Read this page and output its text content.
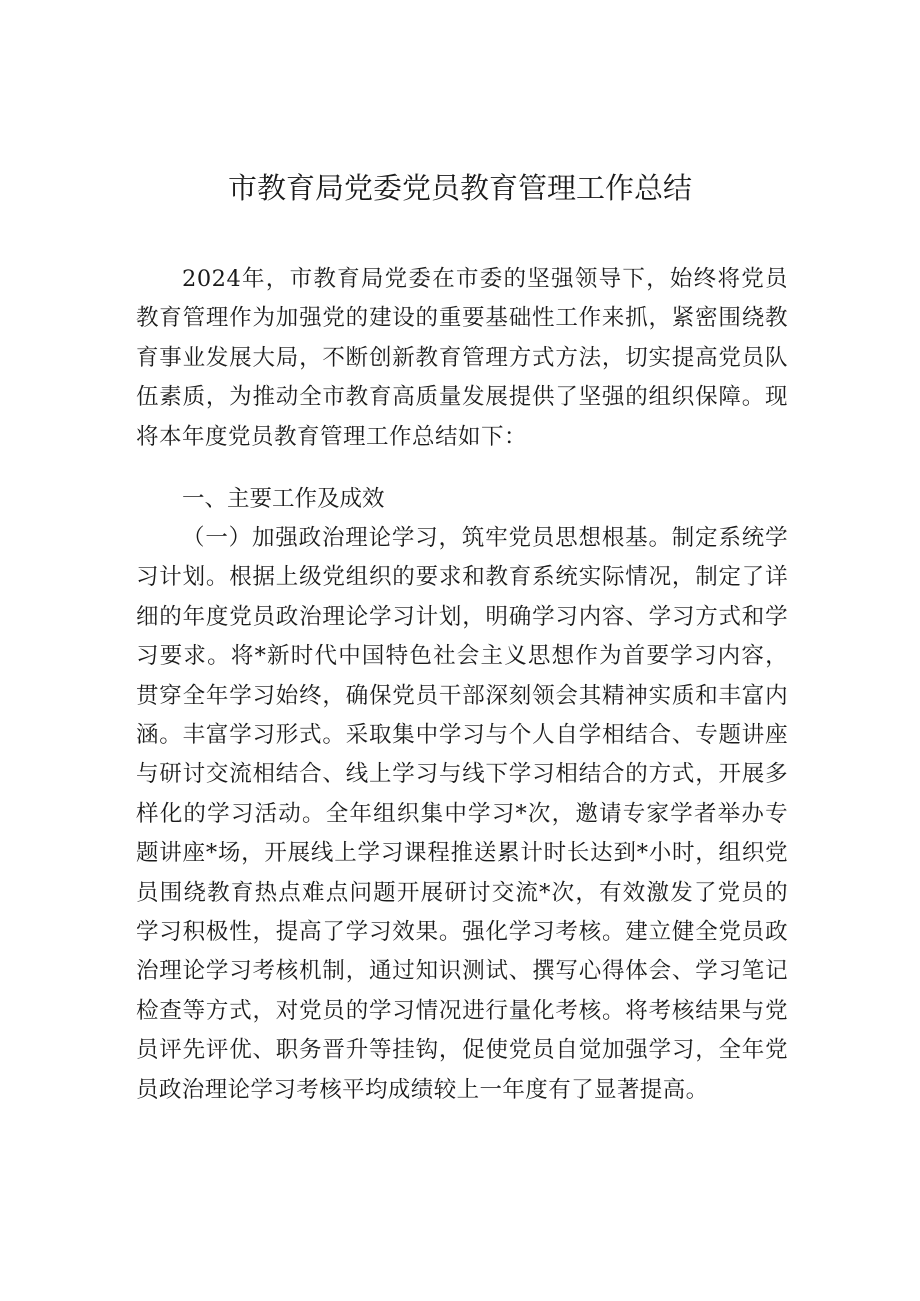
市教育局党委党员教育管理工作总结

2024年，市教育局党委在市委的坚强领导下，始终将党员教育管理作为加强党的建设的重要基础性工作来抓，紧密围绕教育事业发展大局，不断创新教育管理方式方法，切实提高党员队伍素质，为推动全市教育高质量发展提供了坚强的组织保障。现将本年度党员教育管理工作总结如下：

一、主要工作及成效

（一）加强政治理论学习，筑牢党员思想根基。制定系统学习计划。根据上级党组织的要求和教育系统实际情况，制定了详细的年度党员政治理论学习计划，明确学习内容、学习方式和学习要求。将*新时代中国特色社会主义思想作为首要学习内容，贯穿全年学习始终，确保党员干部深刻领会其精神实质和丰富内涵。丰富学习形式。采取集中学习与个人自学相结合、专题讲座与研讨交流相结合、线上学习与线下学习相结合的方式，开展多样化的学习活动。全年组织集中学习*次，邀请专家学者举办专题讲座*场，开展线上学习课程推送累计时长达到*小时，组织党员围绕教育热点难点问题开展研讨交流*次，有效激发了党员的学习积极性，提高了学习效果。强化学习考核。建立健全党员政治理论学习考核机制，通过知识测试、撰写心得体会、学习笔记检查等方式，对党员的学习情况进行量化考核。将考核结果与党员评先评优、职务晋升等挂钩，促使党员自觉加强学习，全年党员政治理论学习考核平均成绩较上一年度有了显著提高。
